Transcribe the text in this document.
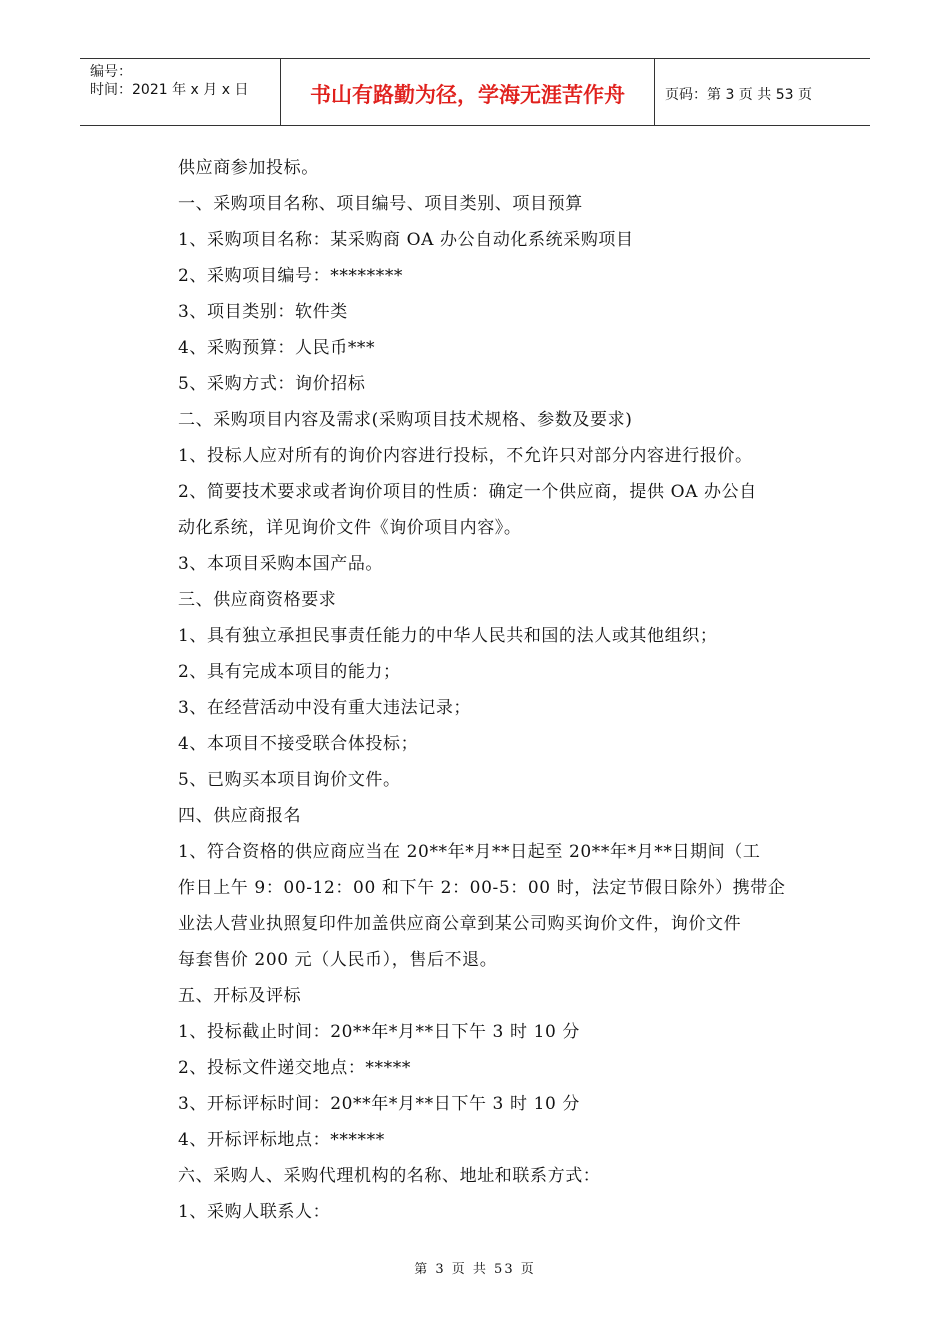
编号：
时间：2021 年 x 月 x 日	书山有路勤为径，学海无涯苦作舟	页码：第 3 页 共 53 页
供应商参加投标。
一、采购项目名称、项目编号、项目类别、项目预算
1、采购项目名称：某采购商 OA 办公自动化系统采购项目
2、采购项目编号：********
3、项目类别：软件类
4、采购预算：人民币***
5、采购方式：询价招标
二、采购项目内容及需求(采购项目技术规格、参数及要求)
1、投标人应对所有的询价内容进行投标，不允许只对部分内容进行报价。
2、简要技术要求或者询价项目的性质：确定一个供应商，提供 OA 办公自
动化系统，详见询价文件《询价项目内容》。
3、本项目采购本国产品。
三、供应商资格要求
1、具有独立承担民事责任能力的中华人民共和国的法人或其他组织；
2、具有完成本项目的能力；
3、在经营活动中没有重大违法记录；
4、本项目不接受联合体投标；
5、已购买本项目询价文件。
四、供应商报名
1、符合资格的供应商应当在 20**年*月**日起至 20**年*月**日期间（工
作日上午 9：00-12：00 和下午 2：00-5：00 时，法定节假日除外）携带企
业法人营业执照复印件加盖供应商公章到某公司购买询价文件，询价文件
每套售价 200 元（人民币），售后不退。
五、开标及评标
1、投标截止时间：20**年*月**日下午 3 时 10 分
2、投标文件递交地点：*****
3、开标评标时间：20**年*月**日下午 3 时 10 分
4、开标评标地点：******
六、采购人、采购代理机构的名称、地址和联系方式：
1、采购人联系人：
第 3 页 共 53 页
